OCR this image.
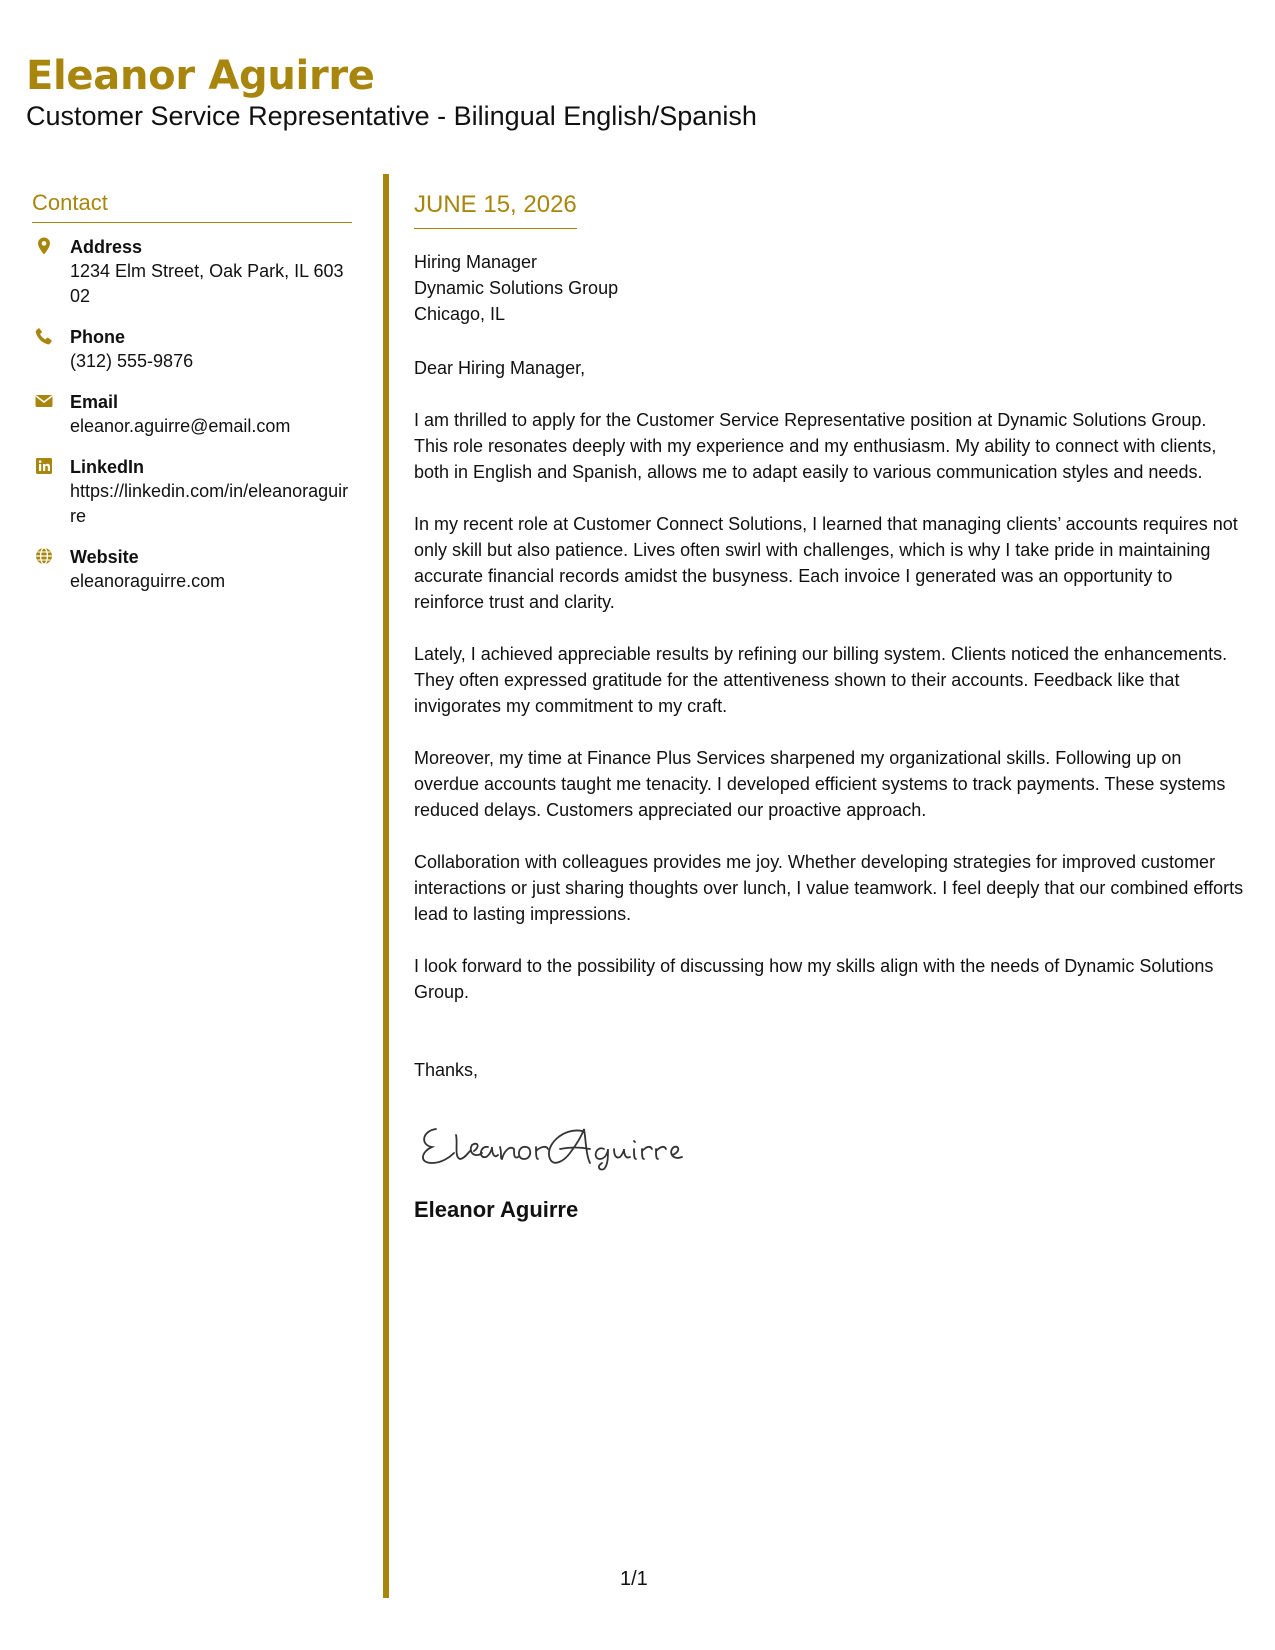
Eleanor Aguirre
Customer Service Representative - Bilingual English/Spanish
Contact
Address
1234 Elm Street, Oak Park, IL 60302
Phone
(312) 555-9876
Email
eleanor.aguirre@email.com
LinkedIn
https://linkedin.com/in/eleanoraguirre
Website
eleanoraguirre.com
JUNE 15, 2026
Hiring Manager
Dynamic Solutions Group
Chicago, IL

Dear Hiring Manager,

I am thrilled to apply for the Customer Service Representative position at Dynamic Solutions Group. This role resonates deeply with my experience and my enthusiasm. My ability to connect with clients, both in English and Spanish, allows me to adapt easily to various communication styles and needs.

In my recent role at Customer Connect Solutions, I learned that managing clients’ accounts requires not only skill but also patience. Lives often swirl with challenges, which is why I take pride in maintaining accurate financial records amidst the busyness. Each invoice I generated was an opportunity to reinforce trust and clarity.

Lately, I achieved appreciable results by refining our billing system. Clients noticed the enhancements. They often expressed gratitude for the attentiveness shown to their accounts. Feedback like that invigorates my commitment to my craft.

Moreover, my time at Finance Plus Services sharpened my organizational skills. Following up on overdue accounts taught me tenacity. I developed efficient systems to track payments. These systems reduced delays. Customers appreciated our proactive approach.

Collaboration with colleagues provides me joy. Whether developing strategies for improved customer interactions or just sharing thoughts over lunch, I value teamwork. I feel deeply that our combined efforts lead to lasting impressions.

I look forward to the possibility of discussing how my skills align with the needs of Dynamic Solutions Group.

Thanks,
Eleanor Aguirre
1/1
